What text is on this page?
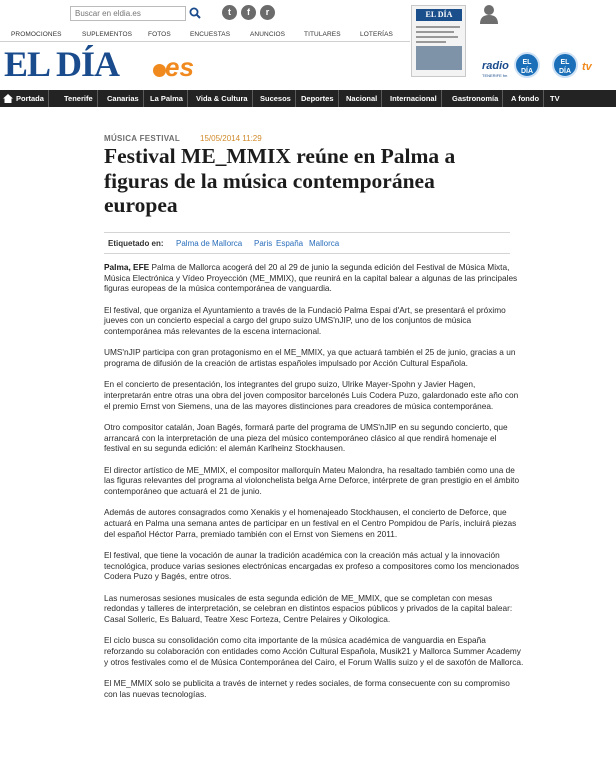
Buscar en eldia.es
t	f	r
PROMOCIONES	SUPLEMENTOS FOTOS	ENCUESTAS	ANUNCIOS	TITULARES	LOTERÍAS
EL DÍA
EL DÍA es	radio
TENERIFE fm
EL DÍA
EL DÍA tv
Portada	Tenerife	Canarias	La Palma	Vida & Cultura	Sucesos	Deportes	Nacional	Internacional	Gastronomía	A fondo	TV
MÚSICA FESTIVAL 15/05/2014 11:29
Festival ME_MMIX reúne en Palma a figuras de la música contemporánea europea
Etiquetado en: Palma de Mallorca Paris España Mallorca

Palma, EFE Palma de Mallorca acogerá del 20 al 29 de junio la segunda edición del Festival de Música Mixta, Música Electrónica y Vídeo Proyección (ME_MMIX), que reunirá en la capital balear a algunas de las principales figuras europeas de la música contemporánea de vanguardia.

El festival, que organiza el Ayuntamiento a través de la Fundació Palma Espai d'Art, se presentará el próximo jueves con un concierto especial a cargo del grupo suizo UMS'nJIP, uno de los conjuntos de música contemporánea más relevantes de la escena internacional.

UMS'nJIP participa con gran protagonismo en el ME_MMIX, ya que actuará también el 25 de junio, gracias a un programa de difusión de la creación de artistas españoles impulsado por Acción Cultural Española.

En el concierto de presentación, los integrantes del grupo suizo, Ulrike Mayer-Spohn y Javier Hagen, interpretarán entre otras una obra del joven compositor barcelonés Luis Codera Puzo, galardonado este año con el premio Ernst von Siemens, una de las mayores distinciones para creadores de música contemporánea.

Otro compositor catalán, Joan Bagés, formará parte del programa de UMS'nJIP en su segundo concierto, que arrancará con la interpretación de una pieza del músico contemporáneo clásico al que rendirá homenaje el festival en su segunda edición: el alemán Karlheinz Stockhausen.

El director artístico de ME_MMIX, el compositor mallorquín Mateu Malondra, ha resaltado también como una de las figuras relevantes del programa al violonchelista belga Arne Deforce, intérprete de gran prestigio en el ámbito contemporáneo que actuará el 21 de junio.

Además de autores consagrados como Xenakis y el homenajeado Stockhausen, el concierto de Deforce, que actuará en Palma una semana antes de participar en un festival en el Centro Pompidou de París, incluirá piezas del español Héctor Parra, premiado también con el Ernst von Siemens en 2011.

El festival, que tiene la vocación de aunar la tradición académica con la creación más actual y la innovación tecnológica, produce varias sesiones electrónicas encargadas ex profeso a compositores como los mencionados Codera Puzo y Bagés, entre otros.

Las numerosas sesiones musicales de esta segunda edición de ME_MMIX, que se completan con mesas redondas y talleres de interpretación, se celebran en distintos espacios públicos y privados de la capital balear: Casal Solleric, Es Baluard, Teatre Xesc Forteza, Centre Pelaires y Oikologica.

El ciclo busca su consolidación como cita importante de la música académica de vanguardia en España reforzando su colaboración con entidades como Acción Cultural Española, Musik21 y Mallorca Summer Academy y otros festivales como el de Música Contemporánea del Cairo, el Forum Wallis suizo y el de saxofón de Mallorca.

El ME_MMIX solo se publicita a través de internet y redes sociales, de forma consecuente con su compromiso con las nuevas tecnologías.
